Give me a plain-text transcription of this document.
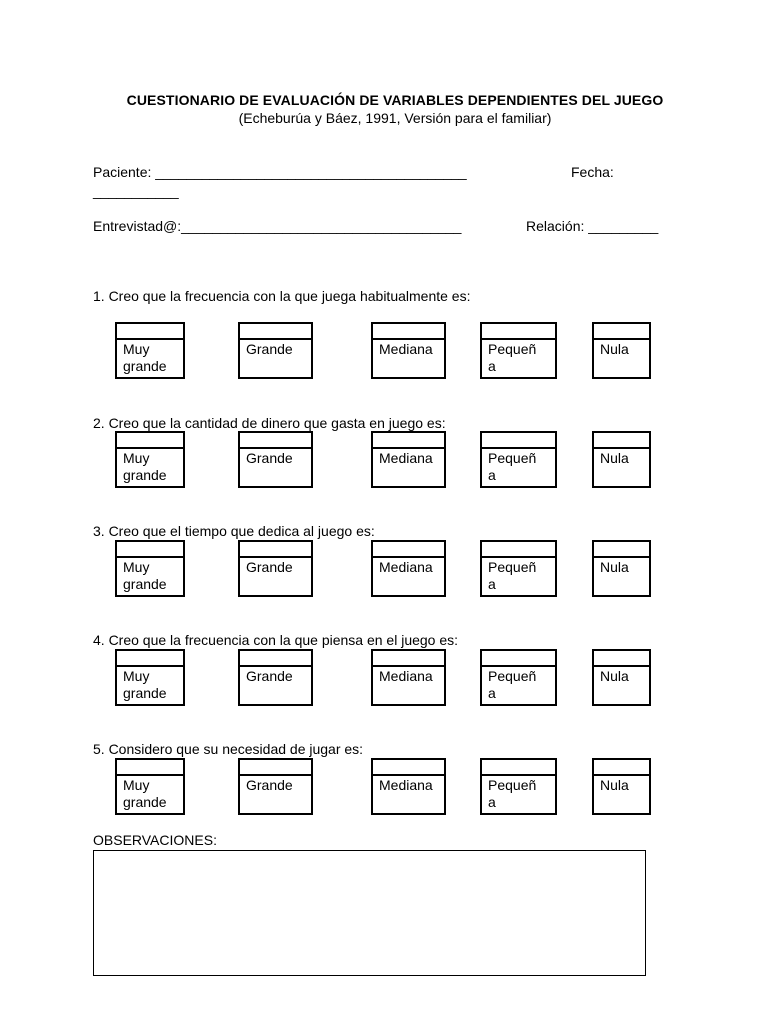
CUESTIONARIO DE EVALUACIÓN DE VARIABLES DEPENDIENTES DEL JUEGO
(Echeburúa y Báez, 1991, Versión para el familiar)
Paciente: ________________________________________	Fecha:
___________
Entrevistad@:____________________________________	Relación: _________
1. Creo que la frecuencia con la que juega habitualmente es:
Muy
grande
Grande	Mediana	Pequeñ
a
Nula
2. Creo que la cantidad de dinero que gasta en juego es:
Muy
grande
Grande	Mediana	Pequeñ
a
Nula
3. Creo que el tiempo que dedica al juego es:
Muy
grande
Grande	Mediana	Pequeñ
a
Nula
4. Creo que la frecuencia con la que piensa en el juego es:
Muy
grande
Grande	Mediana	Pequeñ
a
Nula
5. Considero que su necesidad de jugar es:
Muy
grande
Grande	Mediana	Pequeñ
a
Nula
OBSERVACIONES:
